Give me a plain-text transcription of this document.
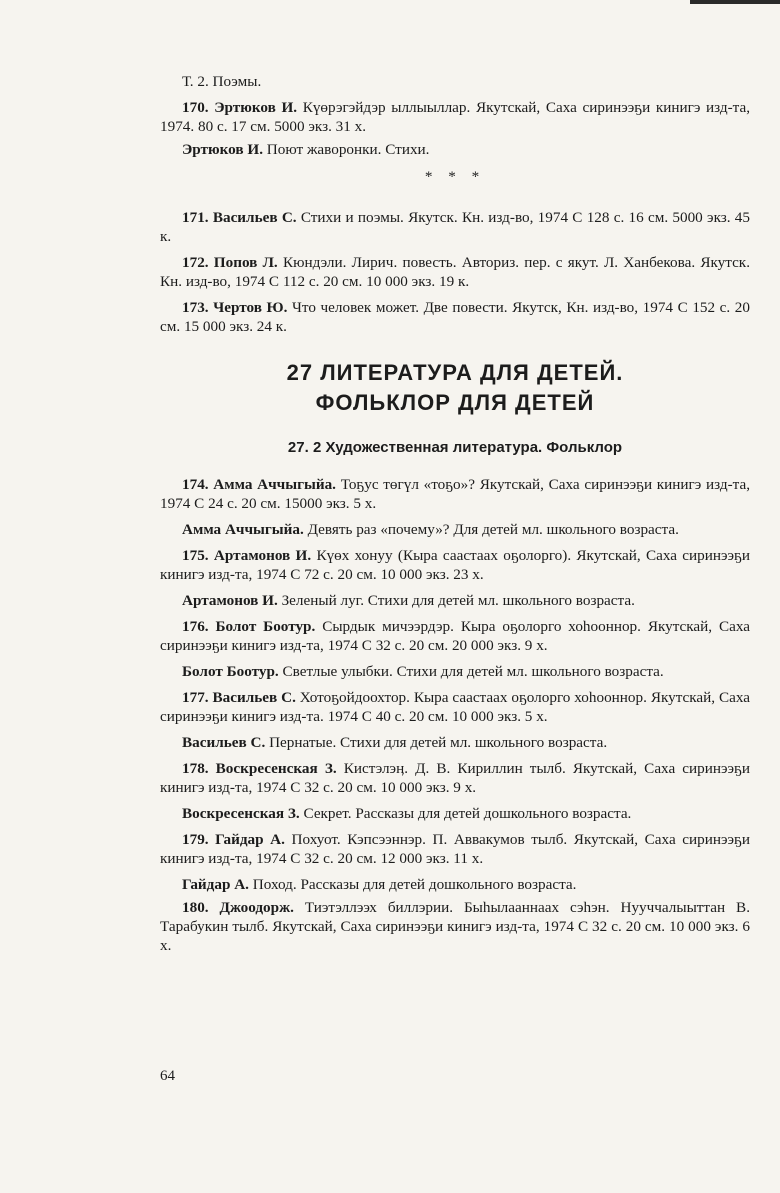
Т. 2. Поэмы.

170. Эртюков И. Күөрэгэйдэр ыллыыллар. Якутскай, Саха сиринээҕи кинигэ изд-та, 1974. 80 с. 17 см. 5000 экз. 31 х.

Эртюков И. Поют жаворонки. Стихи.

* * *

171. Васильев С. Стихи и поэмы. Якутск. Кн. изд-во, 1974 С 128 с. 16 см. 5000 экз. 45 к.

172. Попов Л. Кюндэли. Лирич. повесть. Авториз. пер. с якут. Л. Ханбекова. Якутск. Кн. изд-во, 1974 С 112 с. 20 см. 10 000 экз. 19 к.

173. Чертов Ю. Что человек может. Две повести. Якутск, Кн. изд-во, 1974 С 152 с. 20 см. 15 000 экз. 24 к.

27 ЛИТЕРАТУРА ДЛЯ ДЕТЕЙ.
ФОЛЬКЛОР ДЛЯ ДЕТЕЙ
27. 2 Художественная литература. Фольклор

174. Амма Аччыгыйа. Тоҕус төгүл «тоҕо»? Якутскай, Саха сиринээҕи кинигэ изд-та, 1974 С 24 с. 20 см. 15000 экз. 5 х.

Амма Аччыгыйа. Девять раз «почему»? Для детей мл. школьного возраста.

175. Артамонов И. Күөх хонуу (Кыра саастаах оҕолорго). Якутскай, Саха сиринээҕи кинигэ изд-та, 1974 С 72 с. 20 см. 10 000 экз. 23 х.

Артамонов И. Зеленый луг. Стихи для детей мл. школьного возраста.

176. Болот Боотур. Сырдык мичээрдэр. Кыра оҕолорго хоһооннор. Якутскай, Саха сиринээҕи кинигэ изд-та, 1974 С 32 с. 20 см. 20 000 экз. 9 х.

Болот Боотур. Светлые улыбки. Стихи для детей мл. школьного возраста.

177. Васильев С. Хотоҕойдоохтор. Кыра саастаах оҕолорго хоһооннор. Якутскай, Саха сиринээҕи кинигэ изд-та. 1974 С 40 с. 20 см. 10 000 экз. 5 х.

Васильев С. Пернатые. Стихи для детей мл. школьного возраста.

178. Воскресенская З. Кистэлэӊ. Д. В. Кириллин тылб. Якутскай, Саха сиринээҕи кинигэ изд-та, 1974 С 32 с. 20 см. 10 000 экз. 9 х.

Воскресенская З. Секрет. Рассказы для детей дошкольного возраста.

179. Гайдар А. Похуот. Кэпсээннэр. П. Аввакумов тылб. Якутскай, Саха сиринээҕи кинигэ изд-та, 1974 С 32 с. 20 см. 12 000 экз. 11 х.

Гайдар А. Поход. Рассказы для детей дошкольного возраста.

180. Джоодорж. Тиэтэллээх биллэрии. Быһылааннаах сэһэн. Нууччалыыттан В. Тарабукин тылб. Якутскай, Саха сиринээҕи кинигэ изд-та, 1974 С 32 с. 20 см. 10 000 экз. 6 х.

64
